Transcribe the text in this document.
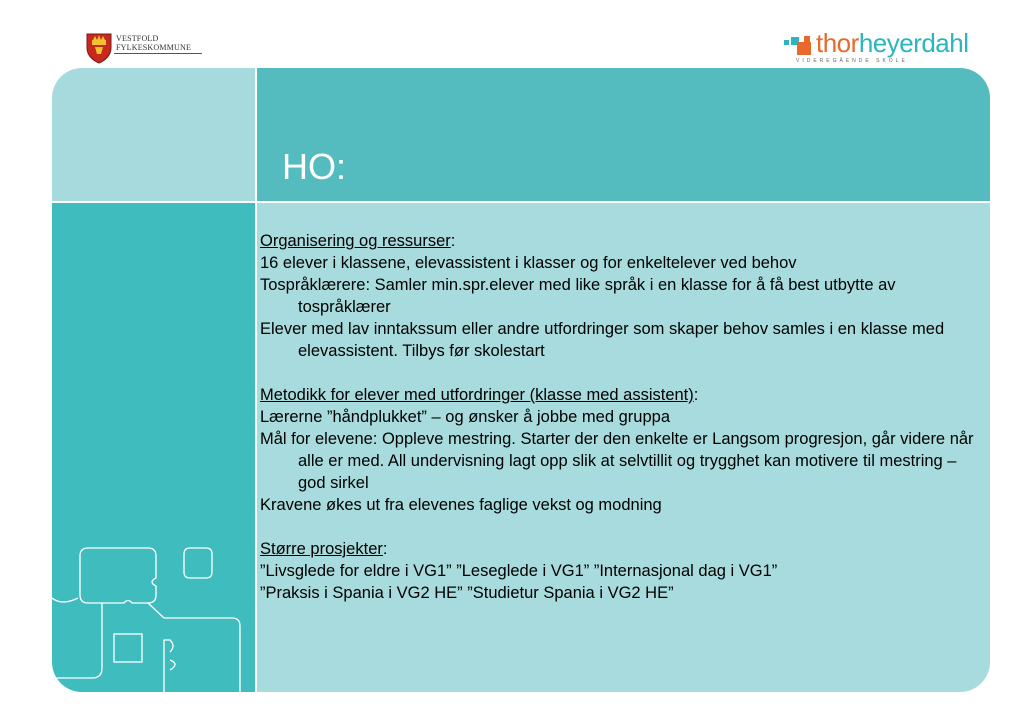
VESTFOLD
FYLKESKOMMUNE	thorheyerdahl
VIDEREGÅENDE SKOLE
HO:

Organisering og ressurser:

16 elever i klassene, elevassistent i klasser og for enkeltelever ved behov

Tospråklærere: Samler min.spr.elever med like språk i en klasse for å få best utbytte av tospråklærer

Elever med lav inntakssum eller andre utfordringer som skaper behov samles i en klasse med elevassistent. Tilbys før skolestart

Metodikk for elever med utfordringer (klasse med assistent):

Lærerne ”håndplukket” – og ønsker å jobbe med gruppa

Mål for elevene: Oppleve mestring. Starter der den enkelte er Langsom progresjon, går videre når alle er med. All undervisning lagt opp slik at selvtillit og trygghet kan motivere til mestring – god sirkel

Kravene økes ut fra elevenes faglige vekst og modning

Større prosjekter:

”Livsglede for eldre i VG1” ”Leseglede i VG1” ”Internasjonal dag i VG1”

”Praksis i Spania i VG2 HE” ”Studietur Spania i VG2 HE”
